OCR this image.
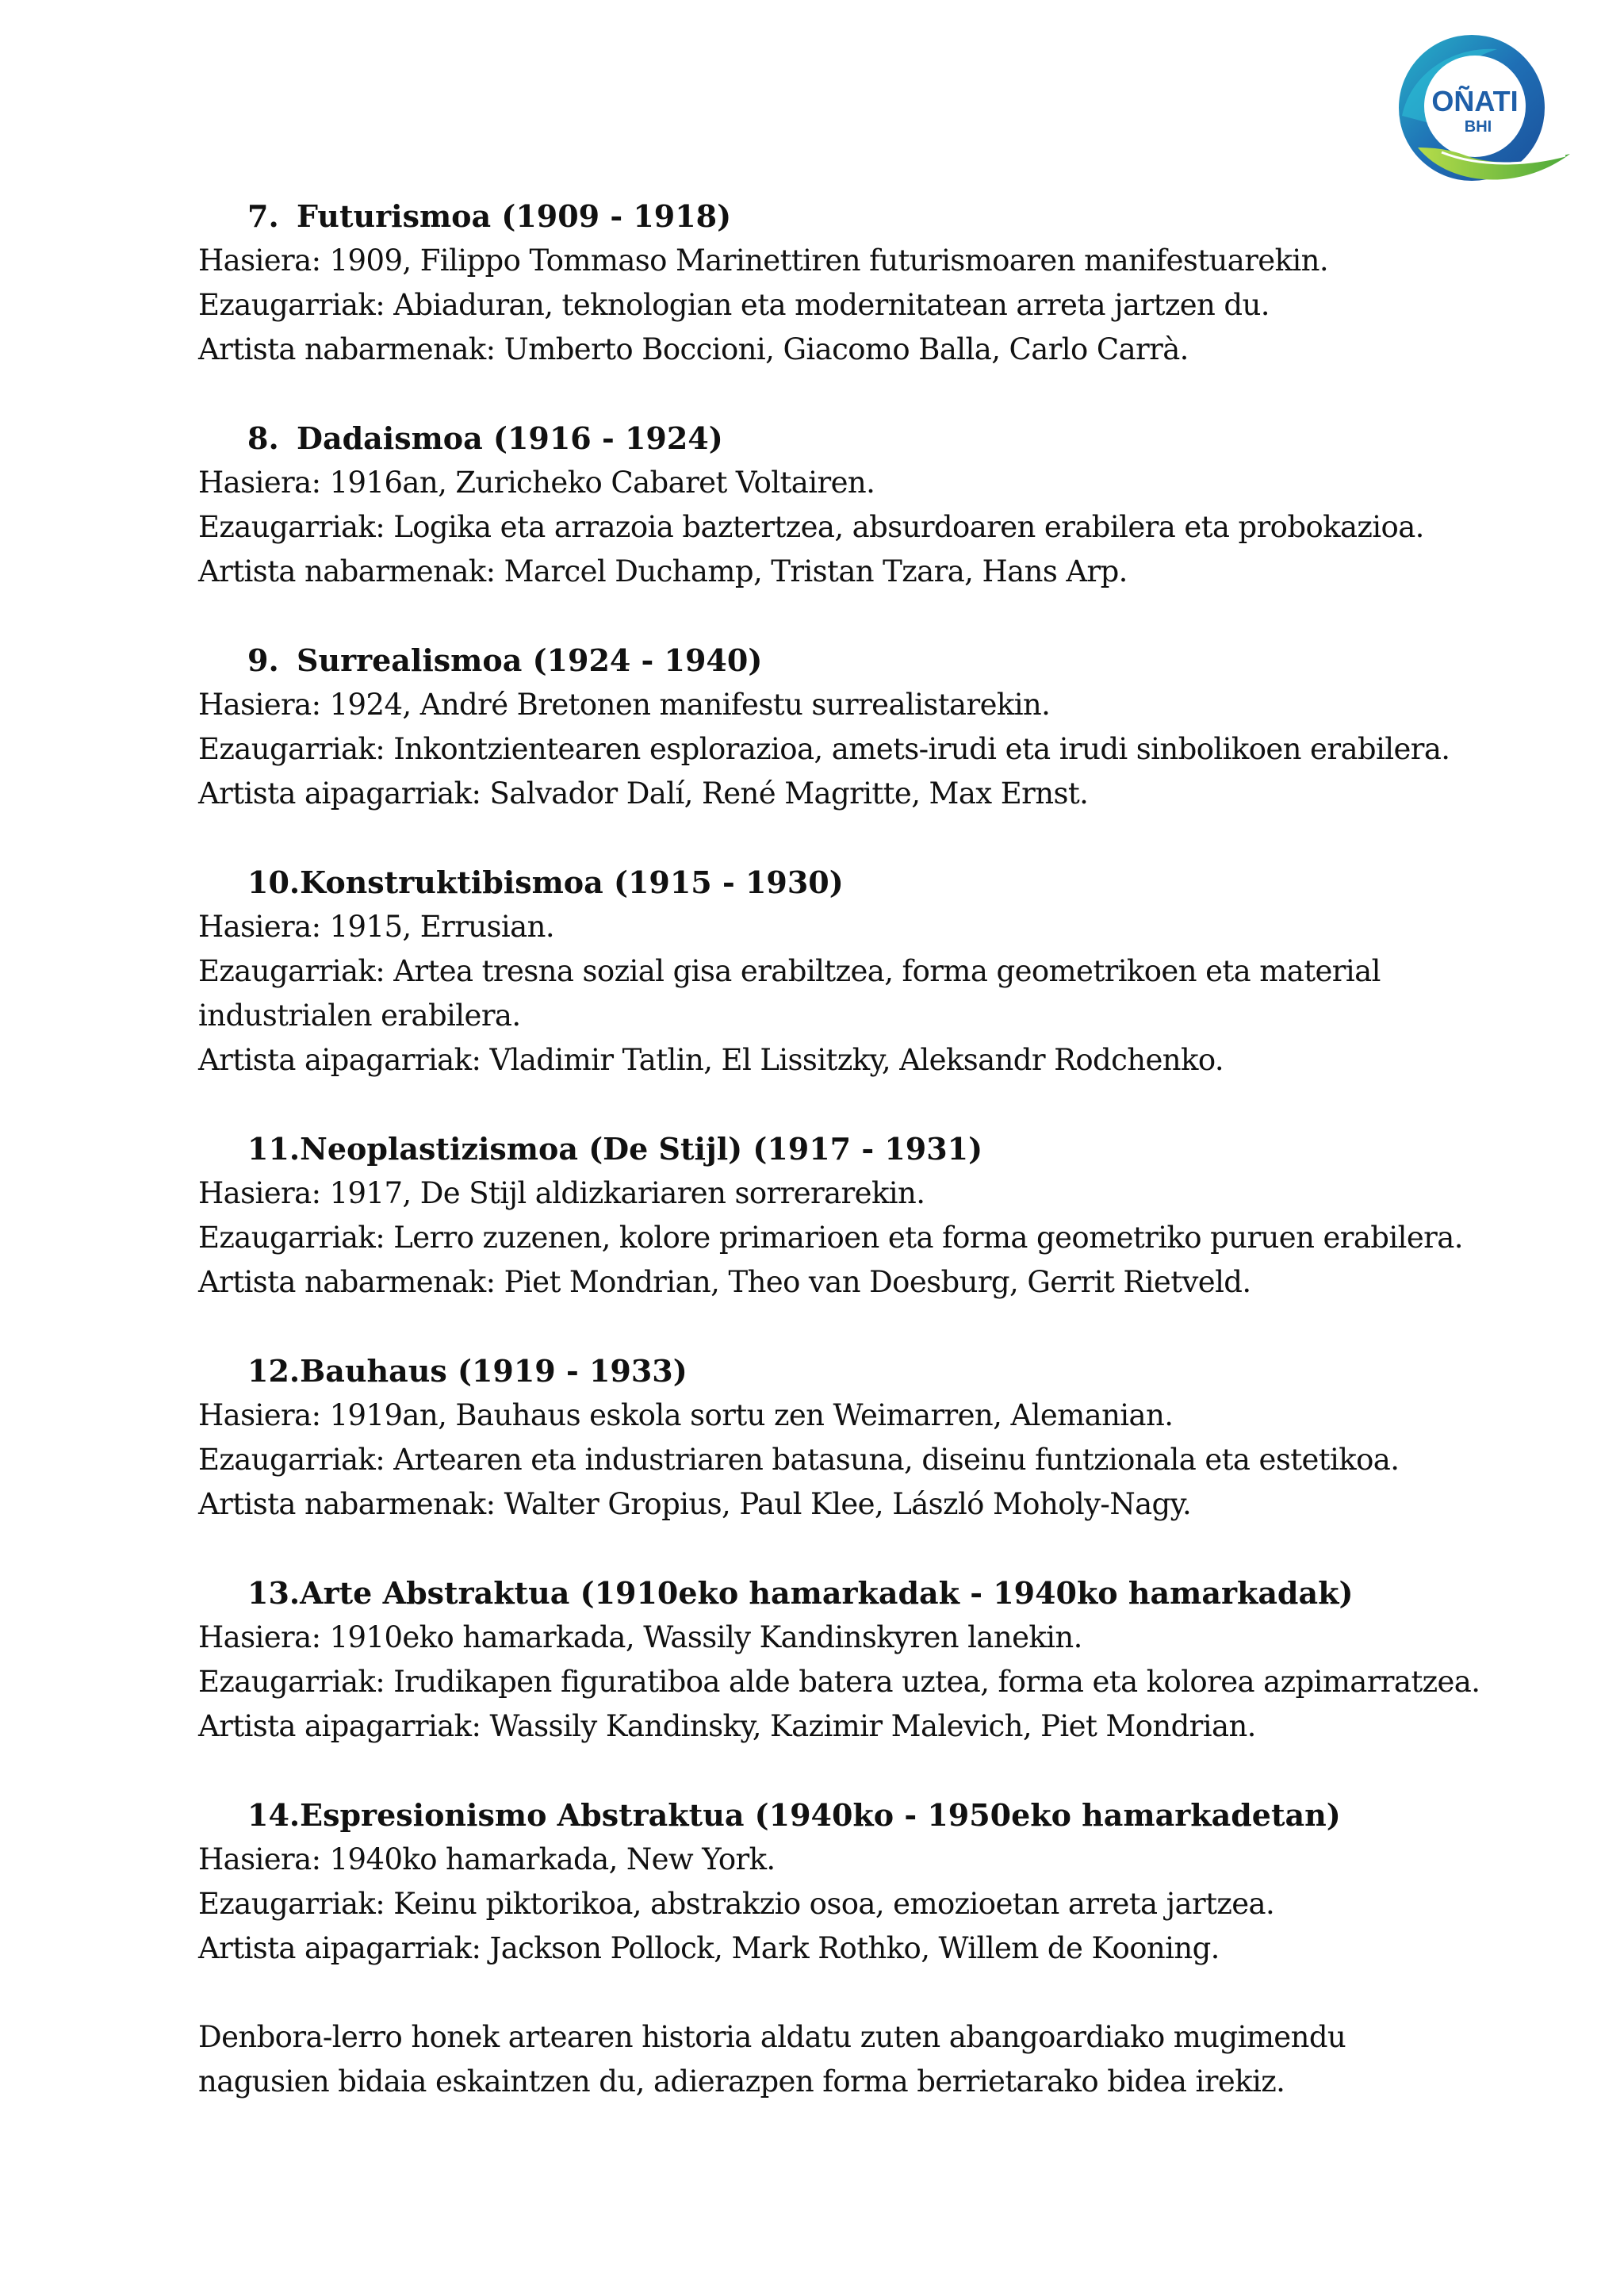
OÑATI
BHI
7. Futurismoa (1909 - 1918)
Hasiera: 1909, Filippo Tommaso Marinettiren futurismoaren manifestuarekin.
Ezaugarriak: Abiaduran, teknologian eta modernitatean arreta jartzen du.
Artista nabarmenak: Umberto Boccioni, Giacomo Balla, Carlo Carrà.
8. Dadaismoa (1916 - 1924)
Hasiera: 1916an, Zuricheko Cabaret Voltairen.
Ezaugarriak: Logika eta arrazoia baztertzea, absurdoaren erabilera eta probokazioa.
Artista nabarmenak: Marcel Duchamp, Tristan Tzara, Hans Arp.
9. Surrealismoa (1924 - 1940)
Hasiera: 1924, André Bretonen manifestu surrealistarekin.
Ezaugarriak: Inkontzientearen esplorazioa, amets-irudi eta irudi sinbolikoen erabilera.
Artista aipagarriak: Salvador Dalí, René Magritte, Max Ernst.
10.Konstruktibismoa (1915 - 1930)
Hasiera: 1915, Errusian.
Ezaugarriak: Artea tresna sozial gisa erabiltzea, forma geometrikoen eta material
industrialen erabilera.
Artista aipagarriak: Vladimir Tatlin, El Lissitzky, Aleksandr Rodchenko.
11.Neoplastizismoa (De Stijl) (1917 - 1931)
Hasiera: 1917, De Stijl aldizkariaren sorrerarekin.
Ezaugarriak: Lerro zuzenen, kolore primarioen eta forma geometriko puruen erabilera.
Artista nabarmenak: Piet Mondrian, Theo van Doesburg, Gerrit Rietveld.
12.Bauhaus (1919 - 1933)
Hasiera: 1919an, Bauhaus eskola sortu zen Weimarren, Alemanian.
Ezaugarriak: Artearen eta industriaren batasuna, diseinu funtzionala eta estetikoa.
Artista nabarmenak: Walter Gropius, Paul Klee, László Moholy-Nagy.
13.Arte Abstraktua (1910eko hamarkadak - 1940ko hamarkadak)
Hasiera: 1910eko hamarkada, Wassily Kandinskyren lanekin.
Ezaugarriak: Irudikapen figuratiboa alde batera uztea, forma eta kolorea azpimarratzea.
Artista aipagarriak: Wassily Kandinsky, Kazimir Malevich, Piet Mondrian.
14.Espresionismo Abstraktua (1940ko - 1950eko hamarkadetan)
Hasiera: 1940ko hamarkada, New York.
Ezaugarriak: Keinu piktorikoa, abstrakzio osoa, emozioetan arreta jartzea.
Artista aipagarriak: Jackson Pollock, Mark Rothko, Willem de Kooning.
Denbora-lerro honek artearen historia aldatu zuten abangoardiako mugimendu
nagusien bidaia eskaintzen du, adierazpen forma berrietarako bidea irekiz.
